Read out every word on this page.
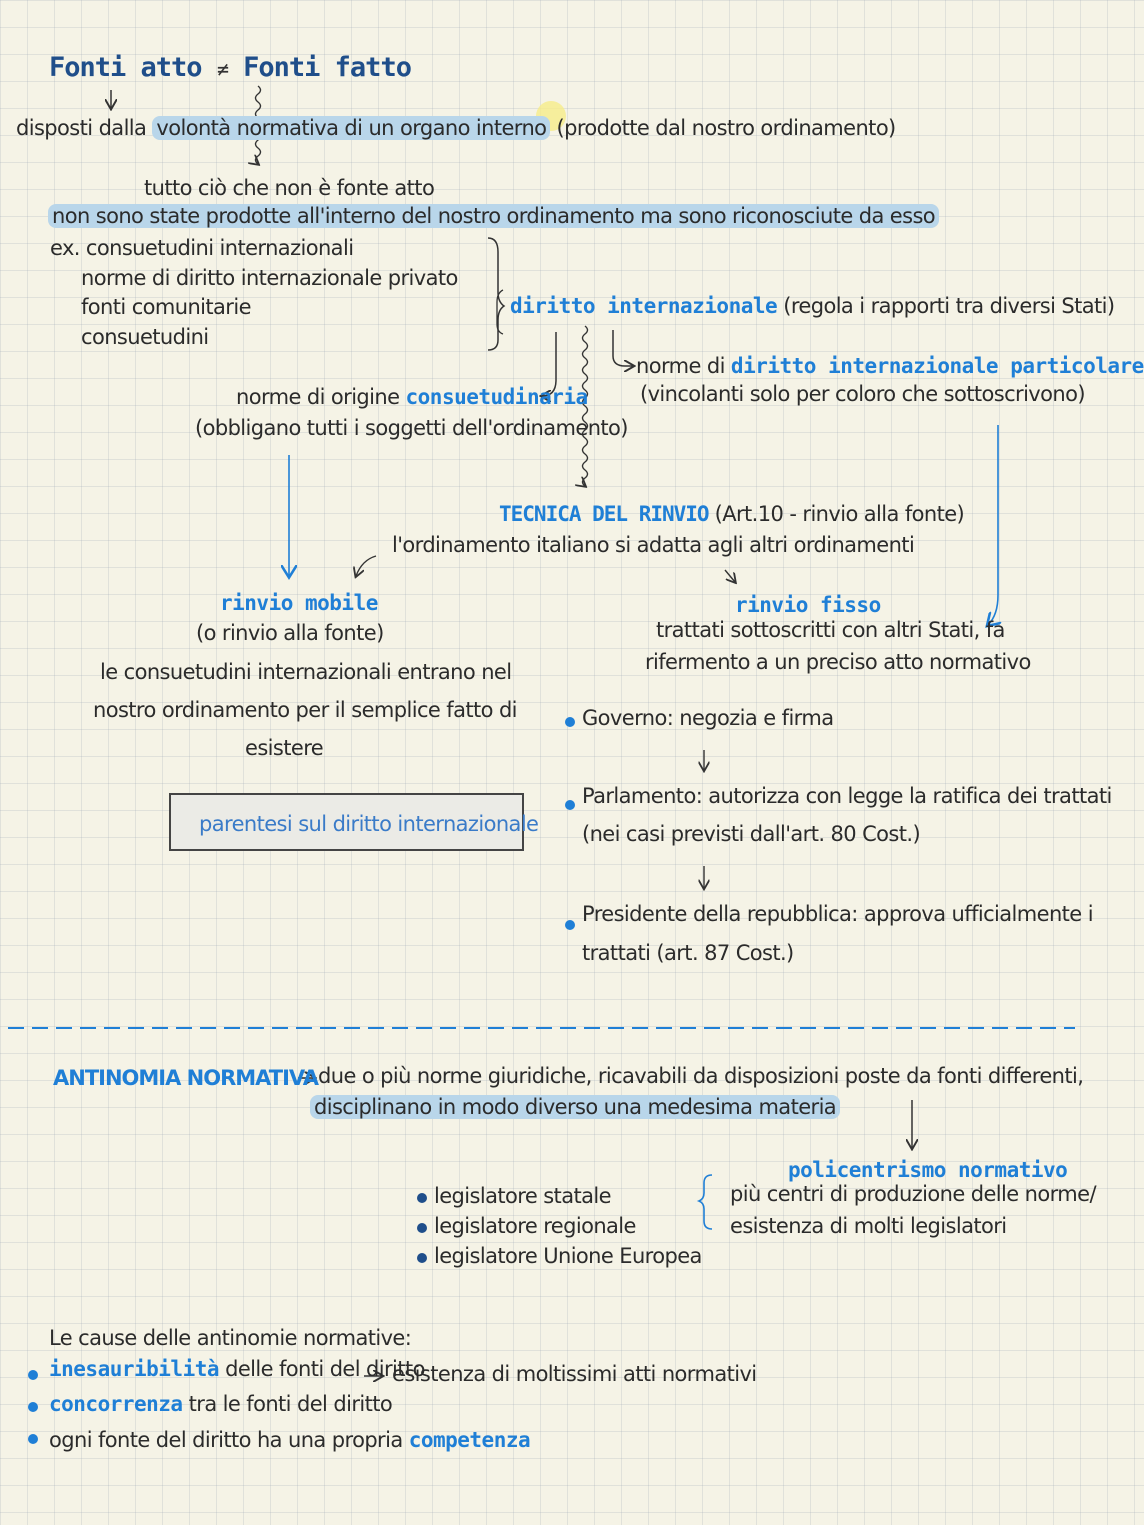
Fonti atto ≠ Fonti fatto
disposti dalla volontà normativa di un organo interno (prodotte dal nostro ordinamento)
tutto ciò che non è fonte atto
non sono state prodotte all'interno del nostro ordinamento ma sono riconosciute da esso
ex. consuetudini internazionali
norme di diritto internazionale privato
fonti comunitarie
consuetudini
diritto internazionale (regola i rapporti tra diversi Stati)
norme di diritto internazionale particolare
(vincolanti solo per coloro che sottoscrivono)
norme di origine consuetudinaria
(obbligano tutti i soggetti dell'ordinamento)
TECNICA DEL RINVIO (Art.10 - rinvio alla fonte)
l'ordinamento italiano si adatta agli altri ordinamenti
rinvio mobile
(o rinvio alla fonte)
le consuetudini internazionali entrano nel
nostro ordinamento per il semplice fatto di
esistere
rinvio fisso
trattati sottoscritti con altri Stati, fa
rifermento a un preciso atto normativo
parentesi sul diritto internazionale
Governo: negozia e firma
Parlamento: autorizza con legge la ratifica dei trattati
(nei casi previsti dall'art. 80 Cost.)
Presidente della repubblica: approva ufficialmente i
trattati (art. 87 Cost.)
ANTINOMIA NORMATIVA due o più norme giuridiche, ricavabili da disposizioni poste da fonti differenti,
disciplinano in modo diverso una medesima materia
legislatore statale
legislatore regionale
legislatore Unione Europea
policentrismo normativo
più centri di produzione delle norme/
esistenza di molti legislatori
Le cause delle antinomie normative:
inesauribilità delle fonti del diritto
esistenza di moltissimi atti normativi
concorrenza tra le fonti del diritto
ogni fonte del diritto ha una propria competenza
